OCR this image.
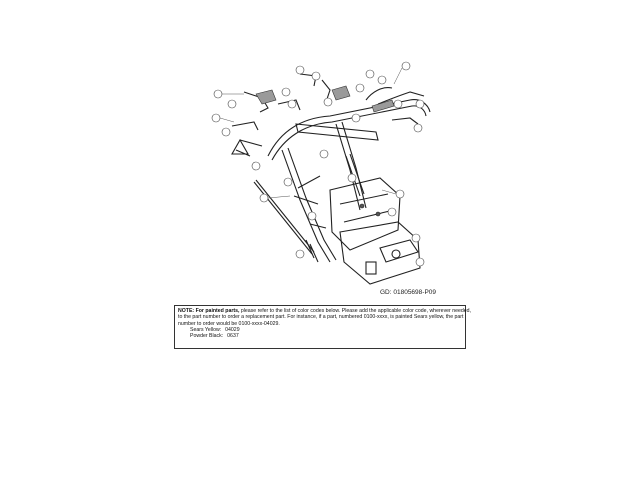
GD: 01805698-P09
NOTE: For painted parts, please refer to the list of color codes below. Please add the applicable color code, wherever needed,
to the part number to order a replacement part. For instance, if a part, numbered 0100-xxxx, is painted Sears yellow, the part
number to order would be 0100-xxxx-04029.
Sears Yellow: 04029
Powder Black: 0637
